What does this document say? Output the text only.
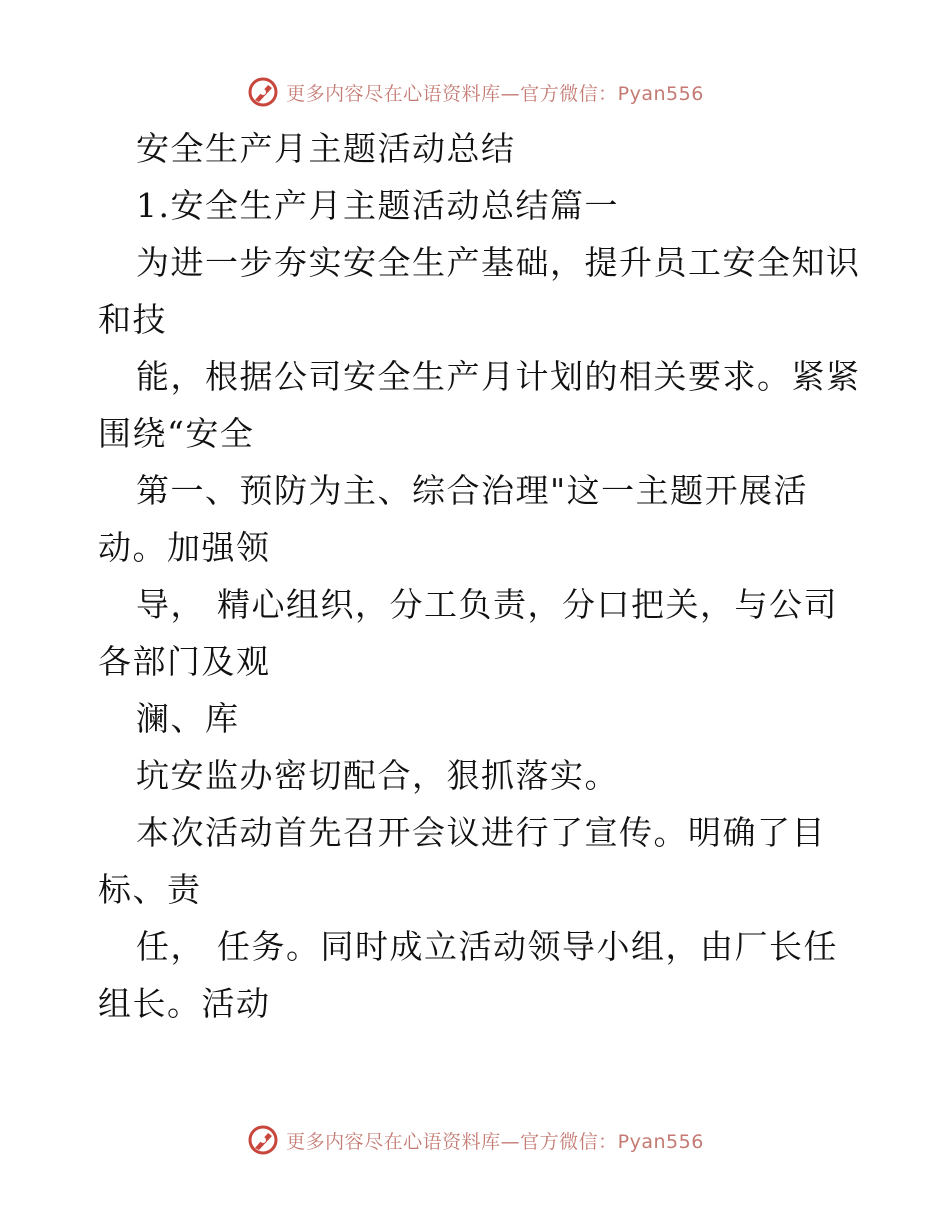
更多内容尽在心语资料库—官方微信：Pyan556
安全生产月主题活动总结
1.安全生产月主题活动总结篇一
为进一步夯实安全生产基础，提升员工安全知识
和技
能，根据公司安全生产月计划的相关要求。紧紧
围绕“安全
第一、预防为主、综合治理"这一主题开展活
动。加强领
导， 精心组织，分工负责，分口把关，与公司
各部门及观
澜、库
坑安监办密切配合，狠抓落实。
本次活动首先召开会议进行了宣传。明确了目
标、责
任， 任务。同时成立活动领导小组，由厂长任
组长。活动
更多内容尽在心语资料库—官方微信：Pyan556
